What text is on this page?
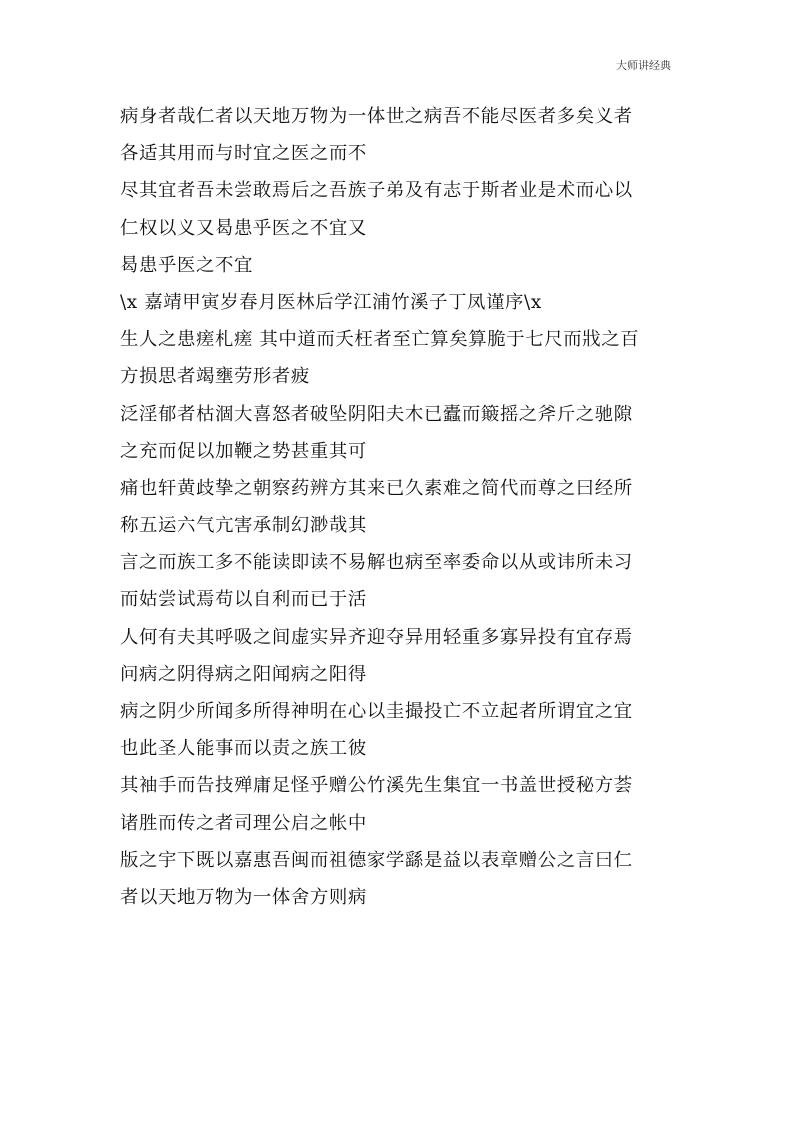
大师讲经典
病身者哉仁者以天地万物为一体世之病吾不能尽医者多矣义者
各适其用而与时宜之医之而不
尽其宜者吾未尝敢焉后之吾族子弟及有志于斯者业是术而心以
仁权以义又曷患乎医之不宜又
曷患乎医之不宜
\x 嘉靖甲寅岁春月医林后学江浦竹溪子丁凤谨序\x
生人之患瘥札瘥 其中道而夭枉者至亡算矣算脆于七尺而戕之百
方损思者竭壅劳形者疲
泛淫郁者枯涸大喜怒者破坠阴阳夫木已蠹而簸摇之斧斤之驰隙
之充而促以加鞭之势甚重其可
痛也轩黄歧挚之朝察药辨方其来已久素难之简代而尊之曰经所
称五运六气亢害承制幻渺哉其
言之而族工多不能读即读不易解也病至率委命以从或讳所未习
而姑尝试焉苟以自利而已于活
人何有夫其呼吸之间虚实异齐迎夺异用轻重多寡异投有宜存焉
问病之阴得病之阳闻病之阳得
病之阴少所闻多所得神明在心以圭撮投亡不立起者所谓宜之宜
也此圣人能事而以责之族工彼
其袖手而告技殚庸足怪乎赠公竹溪先生集宜一书盖世授秘方荟
诸胜而传之者司理公启之帐中
版之宇下既以嘉惠吾闽而祖德家学繇是益以表章赠公之言曰仁
者以天地万物为一体舍方则病
